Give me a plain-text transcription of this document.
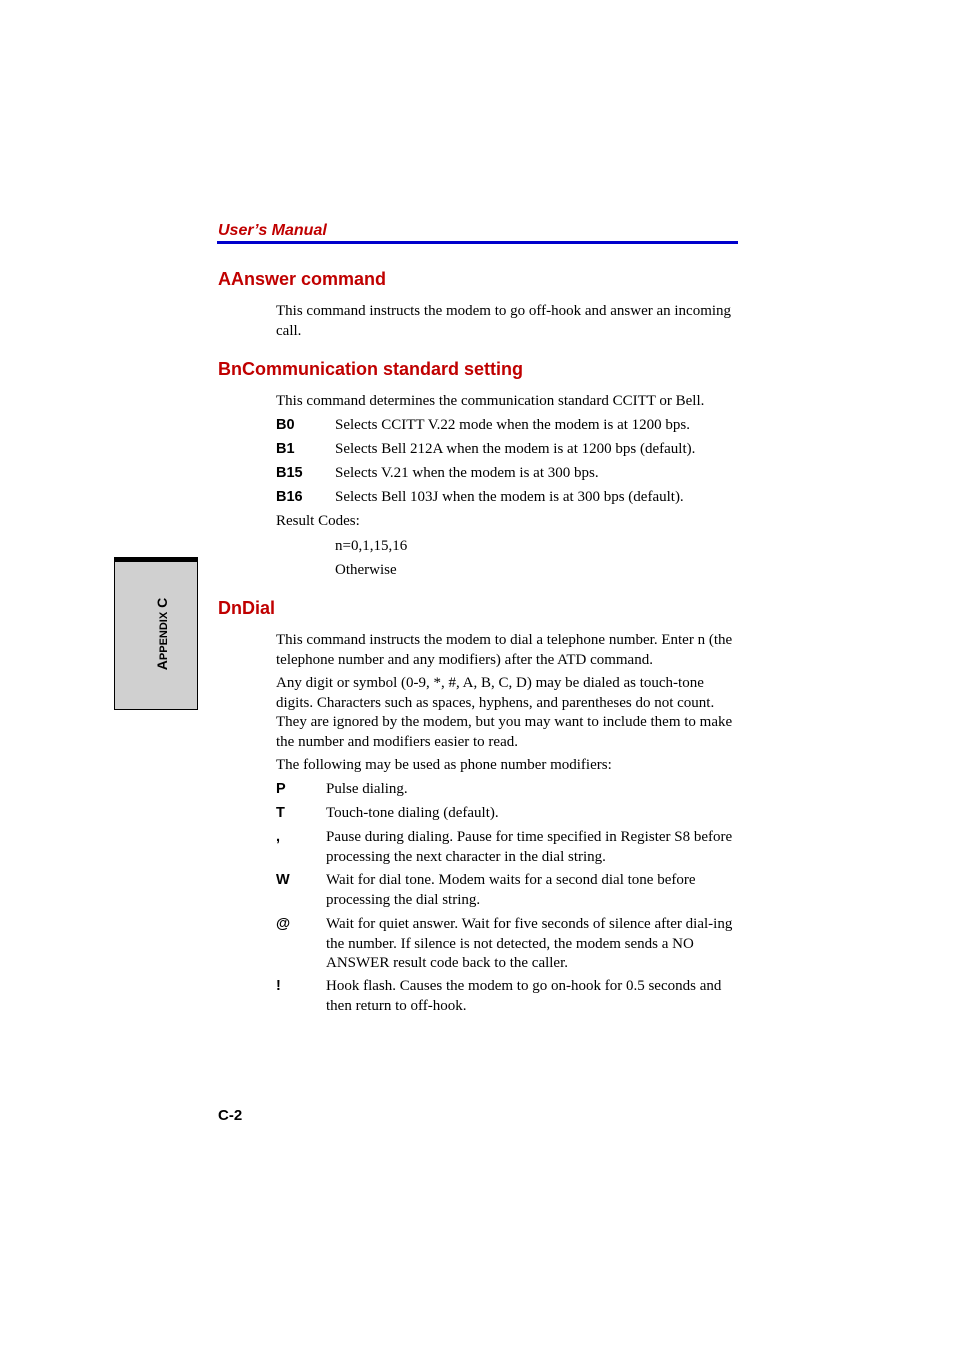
User’s Manual
APPENDIX C
AAnswer command
This command instructs the modem to go off-hook and answer an incoming call.
BnCommunication standard setting
This command determines the communication standard CCITT or Bell.
B0	Selects CCITT V.22 mode when the modem is at 1200 bps.
B1	Selects Bell 212A when the modem is at 1200 bps (default).
B15 Selects V.21 when the modem is at 300 bps.
B16 Selects Bell 103J when the modem is at 300 bps (default).
Result Codes:
n=0,1,15,16
Otherwise
DnDial
This command instructs the modem to dial a telephone number. Enter n (the telephone number and any modifiers) after the ATD command.
Any digit or symbol (0-9, *, #, A, B, C, D) may be dialed as touch-tone digits. Characters such as spaces, hyphens, and parentheses do not count. They are ignored by the modem, but you may want to include them to make the number and modifiers easier to read.
The following may be used as phone number modifiers:
P	Pulse dialing.
T	Touch-tone dialing (default).
,	Pause during dialing. Pause for time specified in Register S8 before processing the next character in the dial string.
W Wait for dial tone. Modem waits for a second dial tone before processing the dial string.
@ Wait for quiet answer. Wait for five seconds of silence after dial-ing the number. If silence is not detected, the modem sends a NO ANSWER result code back to the caller.
!	Hook flash. Causes the modem to go on-hook for 0.5 seconds and then return to off-hook.
C-2
